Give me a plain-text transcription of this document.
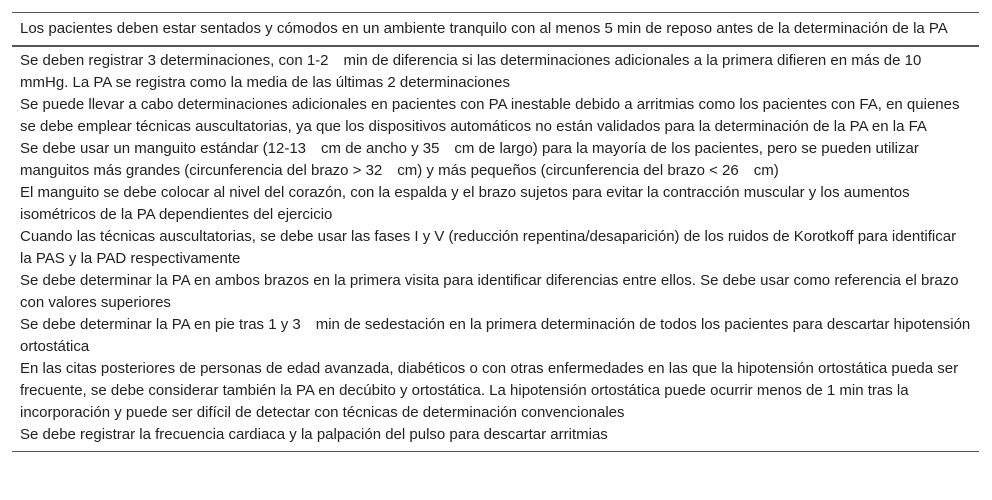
Los pacientes deben estar sentados y cómodos en un ambiente tranquilo con al menos 5 min de reposo antes de la determinación de la PA
Se deben registrar 3 determinaciones, con 1-2 min de diferencia si las determinaciones adicionales a la primera difieren en más de 10 mmHg. La PA se registra como la media de las últimas 2 determinaciones
Se puede llevar a cabo determinaciones adicionales en pacientes con PA inestable debido a arritmias como los pacientes con FA, en quienes se debe emplear técnicas auscultatorias, ya que los dispositivos automáticos no están validados para la determinación de la PA en la FA
Se debe usar un manguito estándar (12-13 cm de ancho y 35 cm de largo) para la mayoría de los pacientes, pero se pueden utilizar manguitos más grandes (circunferencia del brazo > 32 cm) y más pequeños (circunferencia del brazo < 26 cm)
El manguito se debe colocar al nivel del corazón, con la espalda y el brazo sujetos para evitar la contracción muscular y los aumentos isométricos de la PA dependientes del ejercicio
Cuando las técnicas auscultatorias, se debe usar las fases I y V (reducción repentina/desaparición) de los ruidos de Korotkoff para identificar la PAS y la PAD respectivamente
Se debe determinar la PA en ambos brazos en la primera visita para identificar diferencias entre ellos. Se debe usar como referencia el brazo con valores superiores
Se debe determinar la PA en pie tras 1 y 3 min de sedestación en la primera determinación de todos los pacientes para descartar hipotensión ortostática
En las citas posteriores de personas de edad avanzada, diabéticos o con otras enfermedades en las que la hipotensión ortostática pueda ser frecuente, se debe considerar también la PA en decúbito y ortostática. La hipotensión ortostática puede ocurrir menos de 1 min tras la incorporación y puede ser difícil de detectar con técnicas de determinación convencionales
Se debe registrar la frecuencia cardiaca y la palpación del pulso para descartar arritmias
